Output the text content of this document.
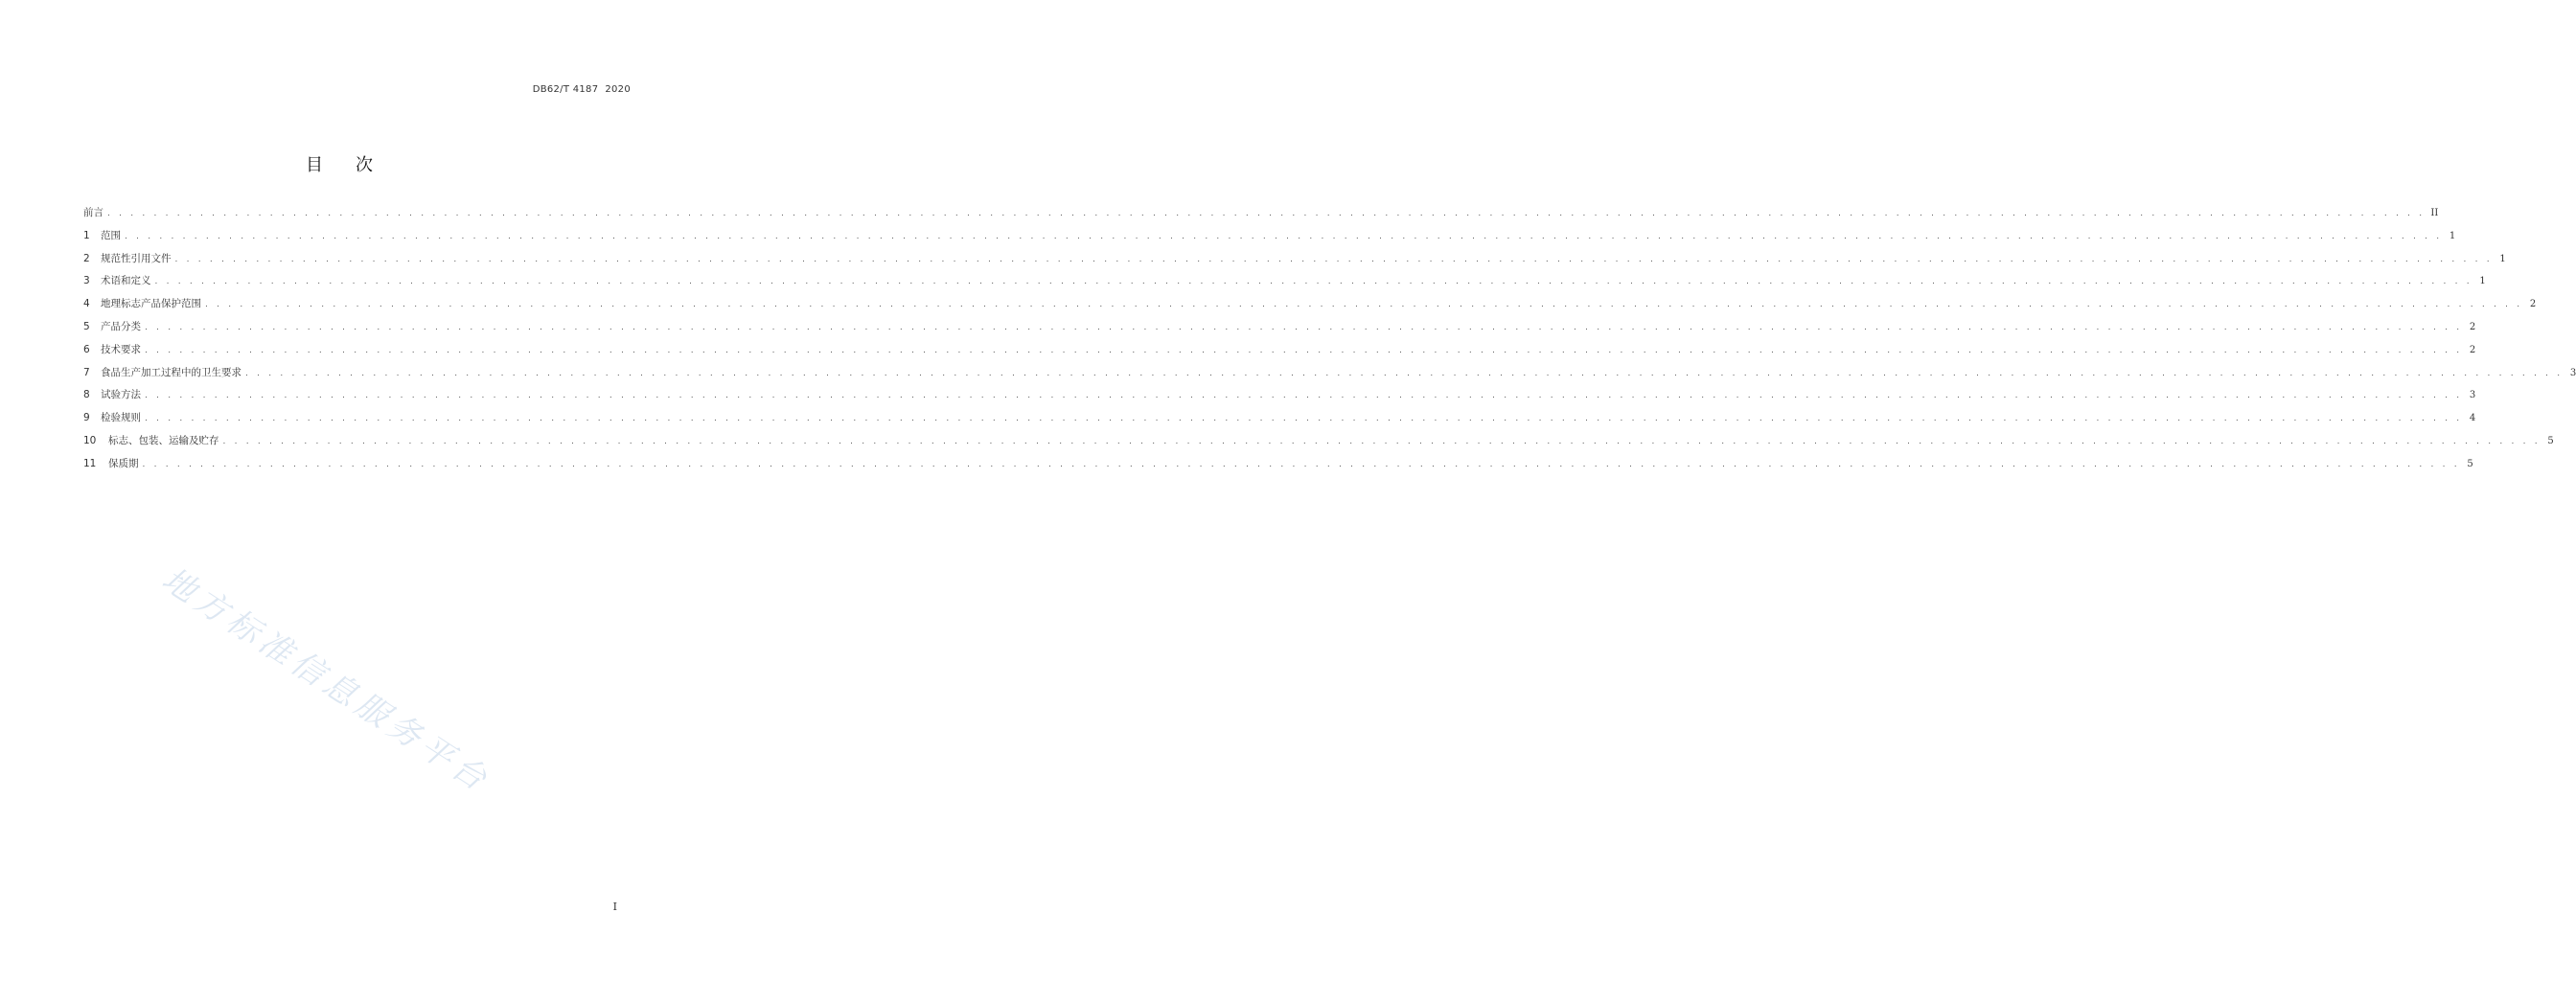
DB62/T 4187  2020
目次
前言 . . . . . . . . . . . . . . . . . . . . . . . . . . . . . . . . . . . . . . . . . . . . . . . . . . . . . . . . . . . . . . . . . . . . . . . . . . . . . . . . . . . . . . . . . . . . . . . . . . . . . . . . . . . . . . . . . . . . . . . . . . . . . . . . . . . . . . . . . . . . . . . . . . . . . . . . . . . . . . . . . . . . . . . . . . . . . . . . . . . . . . . . . . . . . . . . . . . . . . . . II
1	范围 . . . . . . . . . . . . . . . . . . . . . . . . . . . . . . . . . . . . . . . . . . . . . . . . . . . . . . . . . . . . . . . . . . . . . . . . . . . . . . . . . . . . . . . . . . . . . . . . . . . . . . . . . . . . . . . . . . . . . . . . . . . . . . . . . . . . . . . . . . . . . . . . . . . . . . . . . . . . . . . . . . . . . . . . . . . . . . . . . . . . . . . . . . . . . . . . . . . . . . . . 1
2	规范性引用文件 . . . . . . . . . . . . . . . . . . . . . . . . . . . . . . . . . . . . . . . . . . . . . . . . . . . . . . . . . . . . . . . . . . . . . . . . . . . . . . . . . . . . . . . . . . . . . . . . . . . . . . . . . . . . . . . . . . . . . . . . . . . . . . . . . . . . . . . . . . . . . . . . . . . . . . . . . . . . . . . . . . . . . . . . . . . . . . . . . . . . . . . . . . . . . . . . . . . . . . . . 1
3	术语和定义 . . . . . . . . . . . . . . . . . . . . . . . . . . . . . . . . . . . . . . . . . . . . . . . . . . . . . . . . . . . . . . . . . . . . . . . . . . . . . . . . . . . . . . . . . . . . . . . . . . . . . . . . . . . . . . . . . . . . . . . . . . . . . . . . . . . . . . . . . . . . . . . . . . . . . . . . . . . . . . . . . . . . . . . . . . . . . . . . . . . . . . . . . . . . . . . . . . . . . . . . 1
4	地理标志产品保护范围 . . . . . . . . . . . . . . . . . . . . . . . . . . . . . . . . . . . . . . . . . . . . . . . . . . . . . . . . . . . . . . . . . . . . . . . . . . . . . . . . . . . . . . . . . . . . . . . . . . . . . . . . . . . . . . . . . . . . . . . . . . . . . . . . . . . . . . . . . . . . . . . . . . . . . . . . . . . . . . . . . . . . . . . . . . . . . . . . . . . . . . . . . . . . . . . . . . . . . . . . 2
5	产品分类 . . . . . . . . . . . . . . . . . . . . . . . . . . . . . . . . . . . . . . . . . . . . . . . . . . . . . . . . . . . . . . . . . . . . . . . . . . . . . . . . . . . . . . . . . . . . . . . . . . . . . . . . . . . . . . . . . . . . . . . . . . . . . . . . . . . . . . . . . . . . . . . . . . . . . . . . . . . . . . . . . . . . . . . . . . . . . . . . . . . . . . . . . . . . . . . . . . . . . . . . 2
6	技术要求 . . . . . . . . . . . . . . . . . . . . . . . . . . . . . . . . . . . . . . . . . . . . . . . . . . . . . . . . . . . . . . . . . . . . . . . . . . . . . . . . . . . . . . . . . . . . . . . . . . . . . . . . . . . . . . . . . . . . . . . . . . . . . . . . . . . . . . . . . . . . . . . . . . . . . . . . . . . . . . . . . . . . . . . . . . . . . . . . . . . . . . . . . . . . . . . . . . . . . . . . 2
7	食品生产加工过程中的卫生要求 . . . . . . . . . . . . . . . . . . . . . . . . . . . . . . . . . . . . . . . . . . . . . . . . . . . . . . . . . . . . . . . . . . . . . . . . . . . . . . . . . . . . . . . . . . . . . . . . . . . . . . . . . . . . . . . . . . . . . . . . . . . . . . . . . . . . . . . . . . . . . . . . . . . . . . . . . . . . . . . . . . . . . . . . . . . . . . . . . . . . . . . . . . . . . . . . . . . . . . . . 3
8	试验方法 . . . . . . . . . . . . . . . . . . . . . . . . . . . . . . . . . . . . . . . . . . . . . . . . . . . . . . . . . . . . . . . . . . . . . . . . . . . . . . . . . . . . . . . . . . . . . . . . . . . . . . . . . . . . . . . . . . . . . . . . . . . . . . . . . . . . . . . . . . . . . . . . . . . . . . . . . . . . . . . . . . . . . . . . . . . . . . . . . . . . . . . . . . . . . . . . . . . . . . . . 3
9	检验规则 . . . . . . . . . . . . . . . . . . . . . . . . . . . . . . . . . . . . . . . . . . . . . . . . . . . . . . . . . . . . . . . . . . . . . . . . . . . . . . . . . . . . . . . . . . . . . . . . . . . . . . . . . . . . . . . . . . . . . . . . . . . . . . . . . . . . . . . . . . . . . . . . . . . . . . . . . . . . . . . . . . . . . . . . . . . . . . . . . . . . . . . . . . . . . . . . . . . . . . . . 4
10	标志、包装、运输及贮存 . . . . . . . . . . . . . . . . . . . . . . . . . . . . . . . . . . . . . . . . . . . . . . . . . . . . . . . . . . . . . . . . . . . . . . . . . . . . . . . . . . . . . . . . . . . . . . . . . . . . . . . . . . . . . . . . . . . . . . . . . . . . . . . . . . . . . . . . . . . . . . . . . . . . . . . . . . . . . . . . . . . . . . . . . . . . . . . . . . . . . . . . . . . . . . . . . . . . . . . . 5
11	保质期 . . . . . . . . . . . . . . . . . . . . . . . . . . . . . . . . . . . . . . . . . . . . . . . . . . . . . . . . . . . . . . . . . . . . . . . . . . . . . . . . . . . . . . . . . . . . . . . . . . . . . . . . . . . . . . . . . . . . . . . . . . . . . . . . . . . . . . . . . . . . . . . . . . . . . . . . . . . . . . . . . . . . . . . . . . . . . . . . . . . . . . . . . . . . . . . . . . . . . . . . 5
地方标准信息服务平台
I
